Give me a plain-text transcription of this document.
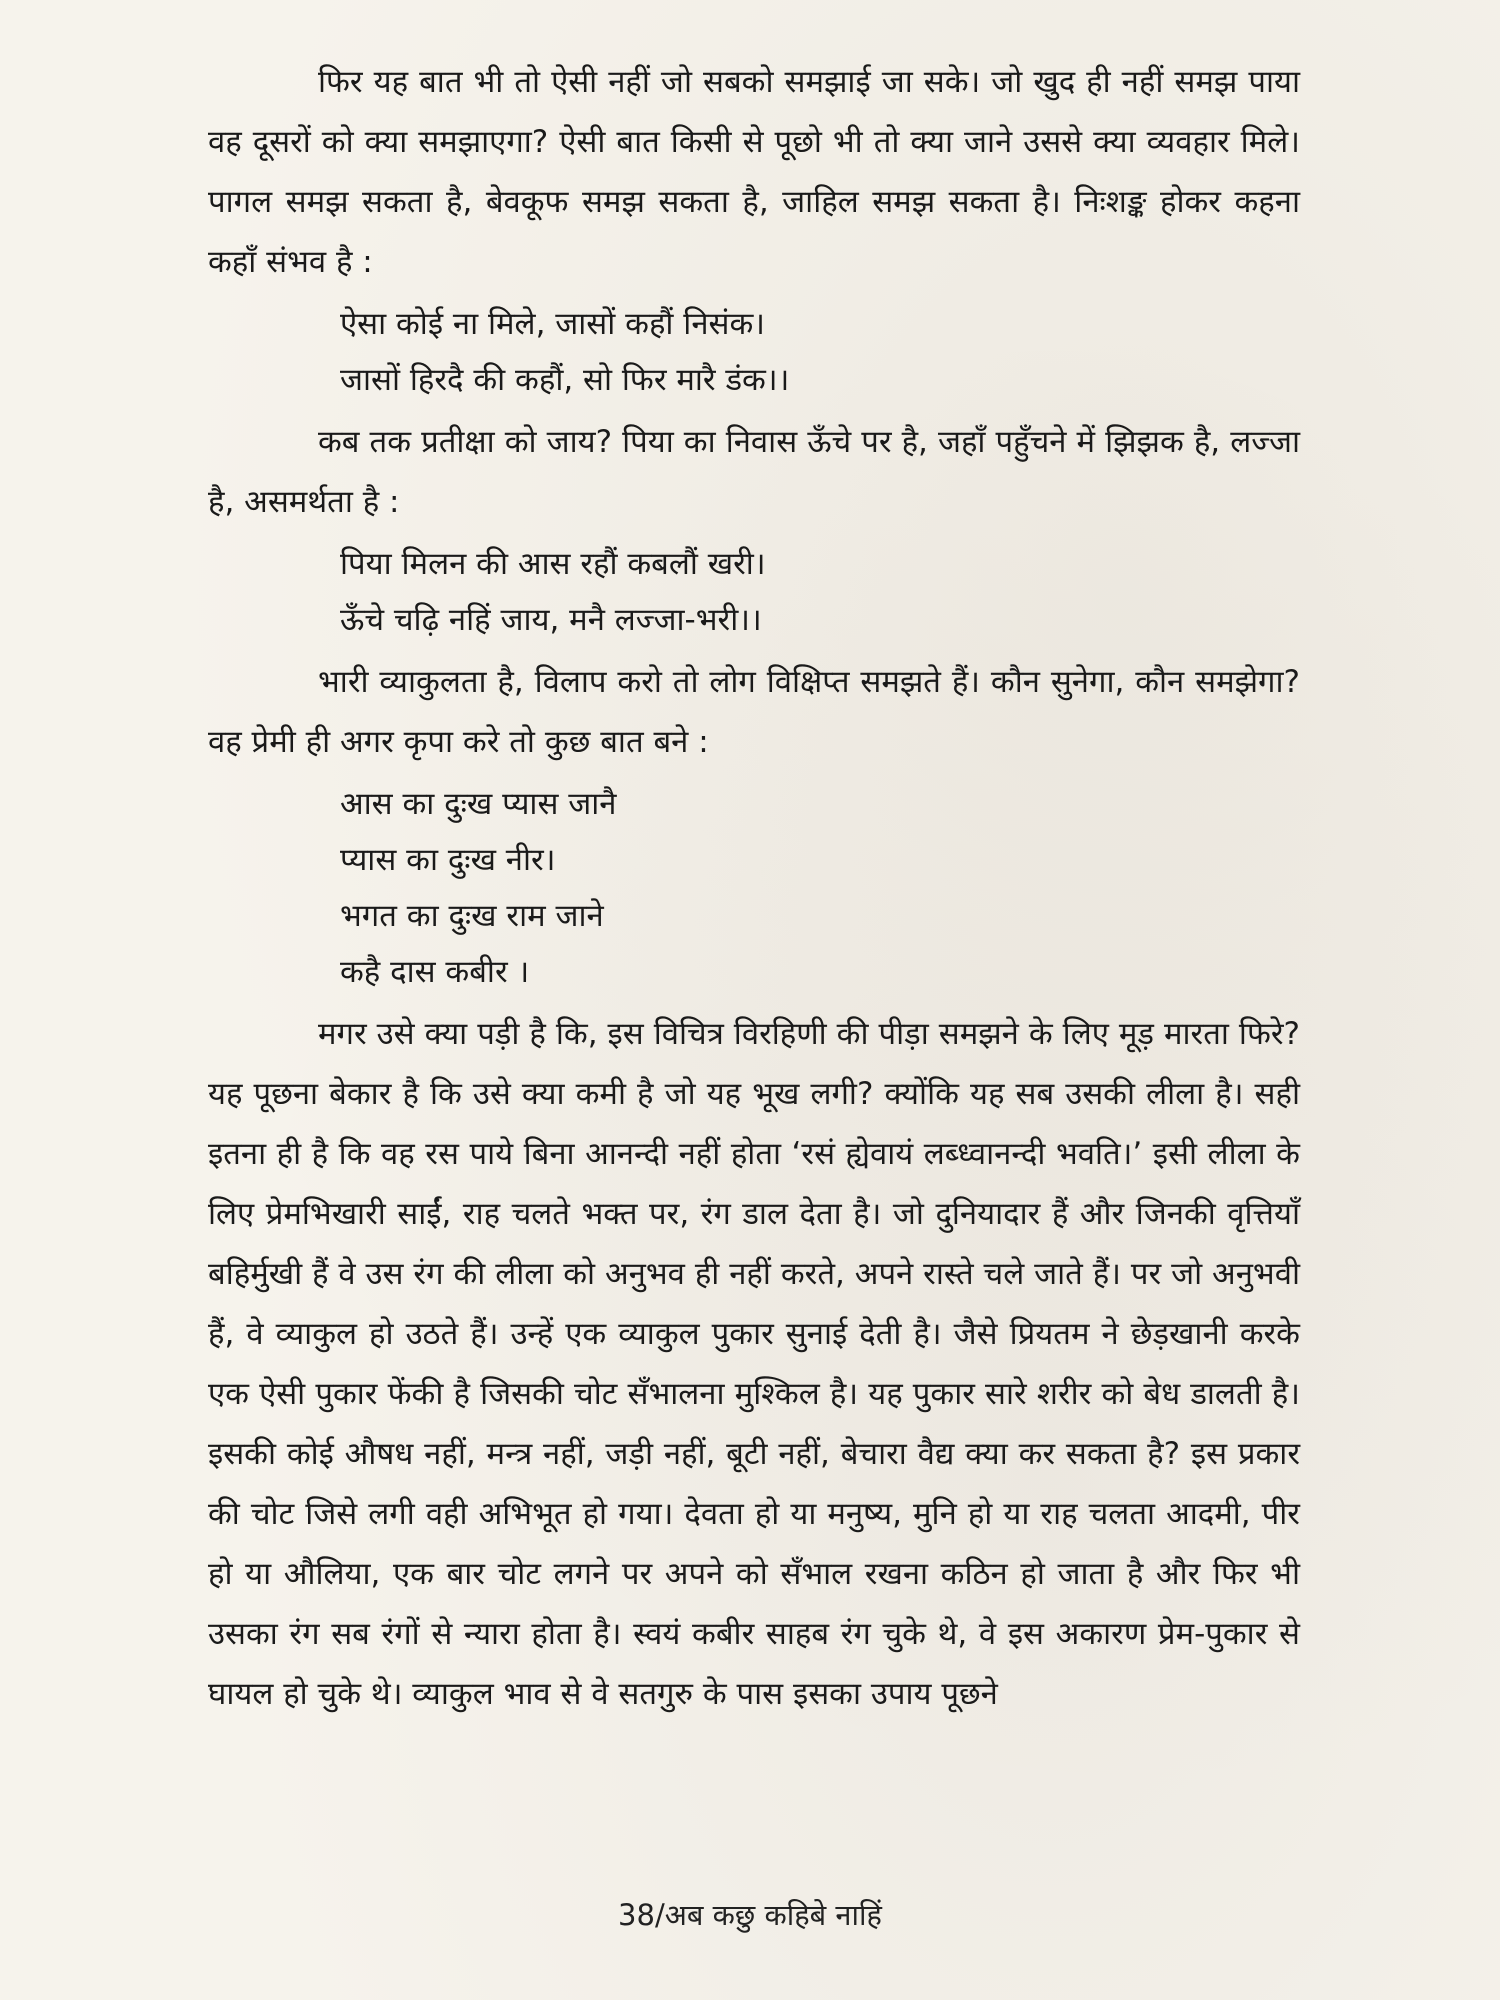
फिर यह बात भी तो ऐसी नहीं जो सबको समझाई जा सके। जो खुद ही नहीं समझ पाया वह दूसरों को क्या समझाएगा? ऐसी बात किसी से पूछो भी तो क्या जाने उससे क्या व्यवहार मिले। पागल समझ सकता है, बेवकूफ समझ सकता है, जाहिल समझ सकता है। निःशङ्क होकर कहना कहाँ संभव है :

ऐसा कोई ना मिले, जासों कहौं निसंक।
जासों हिरदै की कहौं, सो फिर मारै डंक।।

कब तक प्रतीक्षा को जाय? पिया का निवास ऊँचे पर है, जहाँ पहुँचने में झिझक है, लज्जा है, असमर्थता है :

पिया मिलन की आस रहौं कबलौं खरी।
ऊँचे चढ़ि नहिं जाय, मनै लज्जा-भरी।।

भारी व्याकुलता है, विलाप करो तो लोग विक्षिप्त समझते हैं। कौन सुनेगा, कौन समझेगा? वह प्रेमी ही अगर कृपा करे तो कुछ बात बने :

आस का दुःख प्यास जानै
प्यास का दुःख नीर।
भगत का दुःख राम जाने
कहै दास कबीर ।

मगर उसे क्या पड़ी है कि, इस विचित्र विरहिणी की पीड़ा समझने के लिए मूड़ मारता फिरे? यह पूछना बेकार है कि उसे क्या कमी है जो यह भूख लगी? क्योंकि यह सब उसकी लीला है। सही इतना ही है कि वह रस पाये बिना आनन्दी नहीं होता ‘रसं ह्येवायं लब्ध्वानन्दी भवति।’ इसी लीला के लिए प्रेमभिखारी साईं, राह चलते भक्त पर, रंग डाल देता है। जो दुनियादार हैं और जिनकी वृत्तियाँ बहिर्मुखी हैं वे उस रंग की लीला को अनुभव ही नहीं करते, अपने रास्ते चले जाते हैं। पर जो अनुभवी हैं, वे व्याकुल हो उठते हैं। उन्हें एक व्याकुल पुकार सुनाई देती है। जैसे प्रियतम ने छेड़खानी करके एक ऐसी पुकार फेंकी है जिसकी चोट सँभालना मुश्किल है। यह पुकार सारे शरीर को बेध डालती है। इसकी कोई औषध नहीं, मन्त्र नहीं, जड़ी नहीं, बूटी नहीं, बेचारा वैद्य क्या कर सकता है? इस प्रकार की चोट जिसे लगी वही अभिभूत हो गया। देवता हो या मनुष्य, मुनि हो या राह चलता आदमी, पीर हो या औलिया, एक बार चोट लगने पर अपने को सँभाल रखना कठिन हो जाता है और फिर भी उसका रंग सब रंगों से न्यारा होता है। स्वयं कबीर साहब रंग चुके थे, वे इस अकारण प्रेम-पुकार से घायल हो चुके थे। व्याकुल भाव से वे सतगुरु के पास इसका उपाय पूछने

38/अब कछु कहिबे नाहिं
